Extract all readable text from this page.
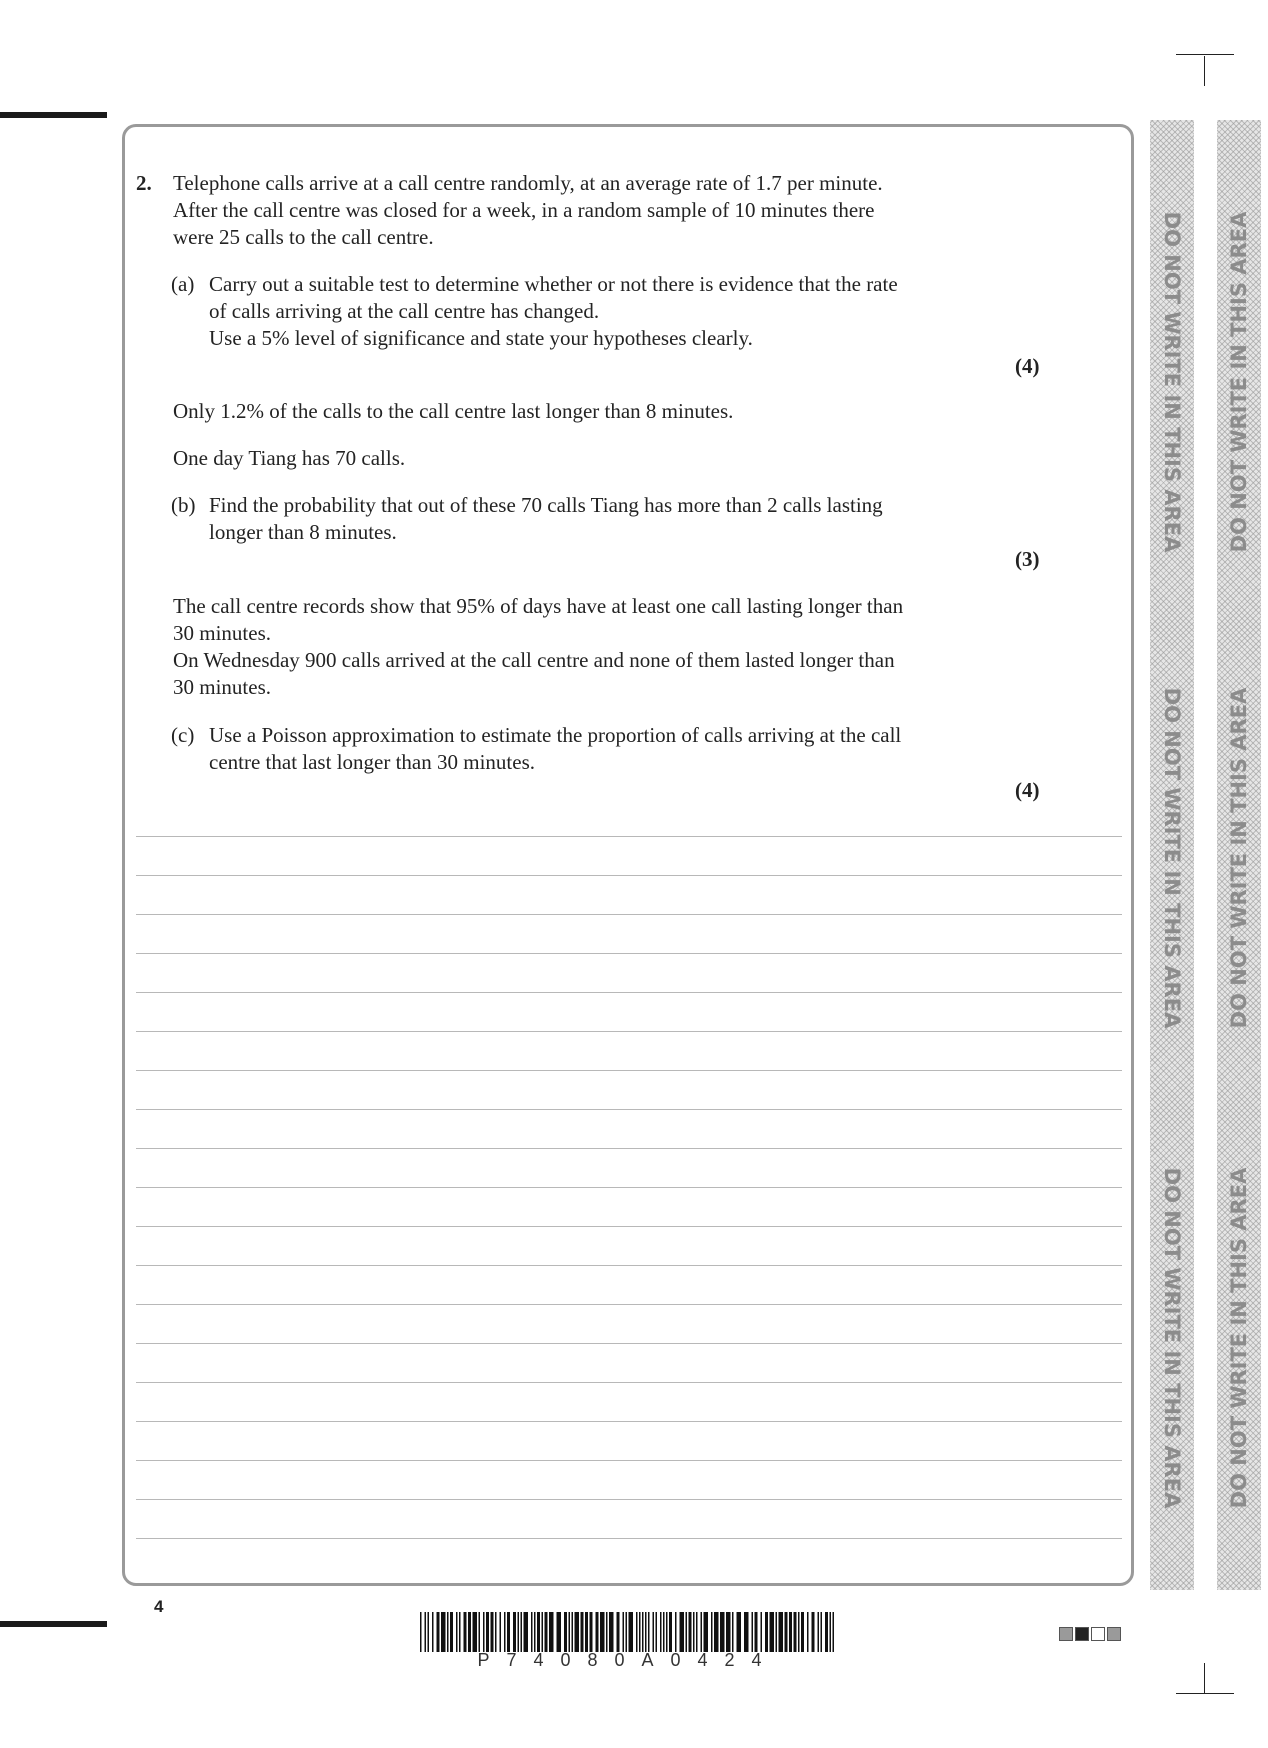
DO NOT WRITE IN THIS AREA
DO NOT WRITE IN THIS AREA
DO NOT WRITE IN THIS AREA
DO NOT WRITE IN THIS AREA
DO NOT WRITE IN THIS AREA
DO NOT WRITE IN THIS AREA
2. Telephone calls arrive at a call centre randomly, at an average rate of 1.7 per minute.
After the call centre was closed for a week, in a random sample of 10 minutes there
were 25 calls to the call centre.
(a) Carry out a suitable test to determine whether or not there is evidence that the rate
of calls arriving at the call centre has changed.
Use a 5% level of significance and state your hypotheses clearly.
(4)
Only 1.2% of the calls to the call centre last longer than 8 minutes.
One day Tiang has 70 calls.
(b) Find the probability that out of these 70 calls Tiang has more than 2 calls lasting
longer than 8 minutes.
(3)
The call centre records show that 95% of days have at least one call lasting longer than
30 minutes.
On Wednesday 900 calls arrived at the call centre and none of them lasted longer than
30 minutes.
(c) Use a Poisson approximation to estimate the proportion of calls arriving at the call
centre that last longer than 30 minutes.
(4)
4
P74080A0424
